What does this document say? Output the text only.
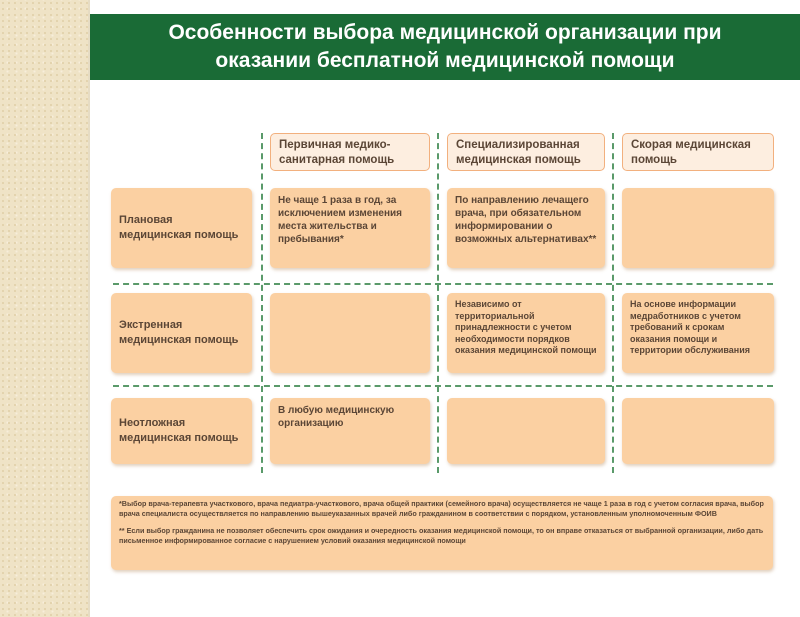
Особенности выбора медицинской организации при
оказании бесплатной медицинской помощи
Первичная медико-санитарная помощь
Специализированная медицинская помощь
Скорая медицинская помощь
Плановая медицинская помощь
Не чаще 1 раза в год, за исключением изменения места жительства и пребывания*
По направлению лечащего врача, при обязательном информировании о возможных альтернативах**
Экстренная медицинская помощь
Независимо от территориальной принадлежности с учетом необходимости порядков оказания медицинской помощи
На основе информации медработников с учетом требований к срокам оказания помощи и территории обслуживания
Неотложная медицинская помощь
В любую медицинскую организацию

*Выбор врача-терапевта участкового, врача педиатра-участкового, врача общей практики (семейного врача) осуществляется не чаще 1 раза в год с учетом согласия врача, выбор врача специалиста осуществляется по направлению вышеуказанных врачей либо гражданином в соответствии с порядком, установленным уполномоченным ФОИВ

** Если выбор гражданина не позволяет обеспечить срок ожидания и очередность оказания медицинской помощи, то он вправе отказаться от выбранной организации, либо дать письменное информированное согласие с нарушением условий оказания медицинской помощи
